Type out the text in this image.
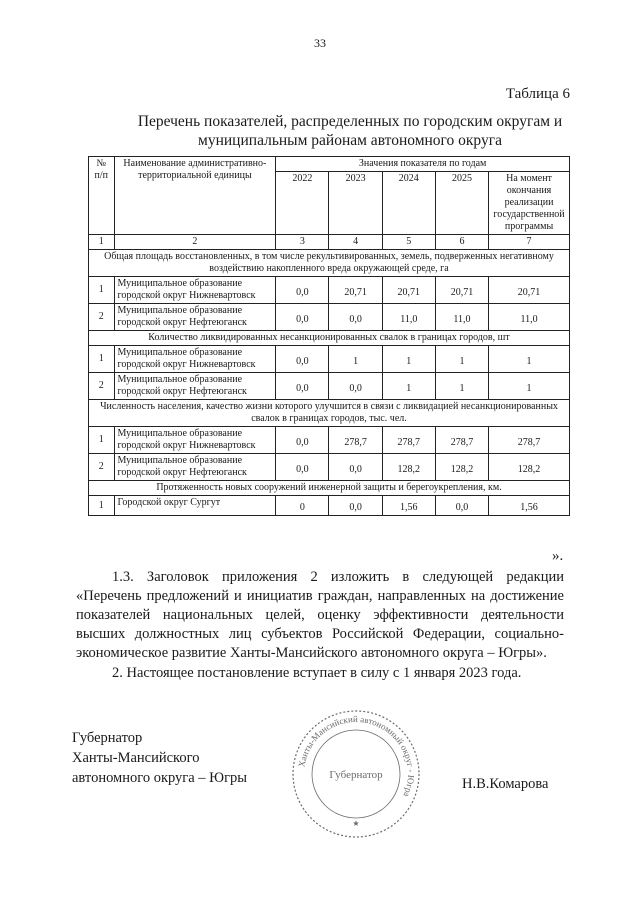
33
Таблица 6
Перечень показателей, распределенных по городским округам и
муниципальным районам автономного округа
№ п/п	Наименование административно-территориальной единицы	Значения показателя по годам				
		2022	2023	2024	2025	На момент окончания реализации государственной программы
1	2	3	4	5	6	7
Общая площадь восстановленных, в том числе рекультивированных, земель, подверженных негативному воздействию накопленного вреда окружающей среде, га						
1	Муниципальное образование городской округ Нижневартовск	0,0	20,71	20,71	20,71	20,71
2	Муниципальное образование городской округ Нефтеюганск	0,0	0,0	11,0	11,0	11,0
Количество ликвидированных несанкционированных свалок в границах городов, шт						
1	Муниципальное образование городской округ Нижневартовск	0,0	1	1	1	1
2	Муниципальное образование городской округ Нефтеюганск	0,0	0,0	1	1	1
Численность населения, качество жизни которого улучшится в связи с ликвидацией несанкционированных свалок в границах городов, тыс. чел.						
1	Муниципальное образование городской округ Нижневартовск	0,0	278,7	278,7	278,7	278,7
2	Муниципальное образование городской округ Нефтеюганск	0,0	0,0	128,2	128,2	128,2
Протяженность новых сооружений инженерной защиты и берегоукрепления, км.						
1	Городской округ Сургут	0	0,0	1,56	0,0	1,56
».
1.3. Заголовок приложения 2 изложить в следующей редакции «Перечень предложений и инициатив граждан, направленных на достижение показателей национальных целей, оценку эффективности деятельности высших должностных лиц субъектов Российской Федерации, социально-экономическое развитие Ханты-Мансийского автономного округа – Югры».
2. Настоящее постановление вступает в силу с 1 января 2023 года.
Губернатор
Ханты-Мансийского
автономного округа – Югры
Ханты-Мансийский автономный округ - Югра
Губернатор
★
Н.В.Комарова
